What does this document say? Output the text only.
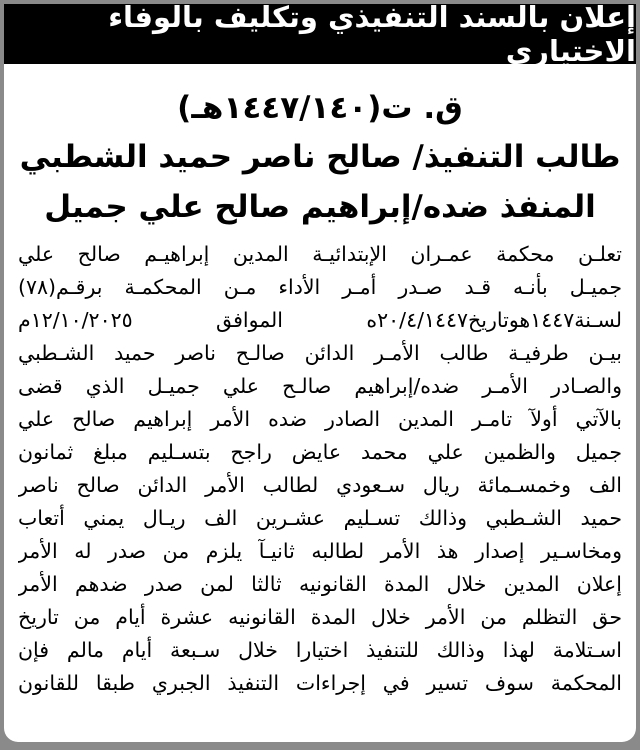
إعلان بالسند التنفيذي وتكليف بالوفاء الاختياري
ق. ت(١٤٤٧/١٤٠هـ)
طالب التنفيذ/ صالح ناصر حميد الشطبي
المنفذ ضده/إبراهيم صالح علي جميل
تعلـن محكمة عمـران الإبتدائيـة المدين إبراهيـم صالح علي
جميـل بأنـه قـد صـدر أمـر الأداء مـن المحكمـة برقـم(٧٨)
لسـنة١٤٤٧هوتاريخ٢٠/٤/١٤٤٧ه الموافق ١٢/١٠/٢٠٢٥م
بيـن طرفيـة طالب الأمـر الدائن صالـح ناصر حميد الشـطبي
والصـادر الأمـر ضده/إبراهيم صالـح علي جميـل الذي قضى
بالآتي أولآ تامـر المدين الصادر ضده الأمر إبراهيم صالح علي
جميل والظمين علي محمد عايض راجح بتسـليم مبلغ ثمانون
الف وخمسـمائة ريال سـعودي لطالب الأمر الدائن صالح ناصر
حميد الشـطبي وذالك تسـليم عشـرين الف ريـال يمني أتعاب
ومخاسـير إصدار هذ الأمر لطالبه ثانيـآ يلزم من صدر له الأمر
إعلان المدين خلال المدة القانونيه ثالثا لمن صدر ضدهم الأمر
حق التظلم من الأمر خلال المدة القانونيه عشرة أيام من تاريخ
اسـتلامة لهذا وذالك للتنفيذ اختيارا خلال سـبعة أيام مالم فإن
المحكمة سوف تسير في إجراءات التنفيذ الجبري طبقا للقانون
